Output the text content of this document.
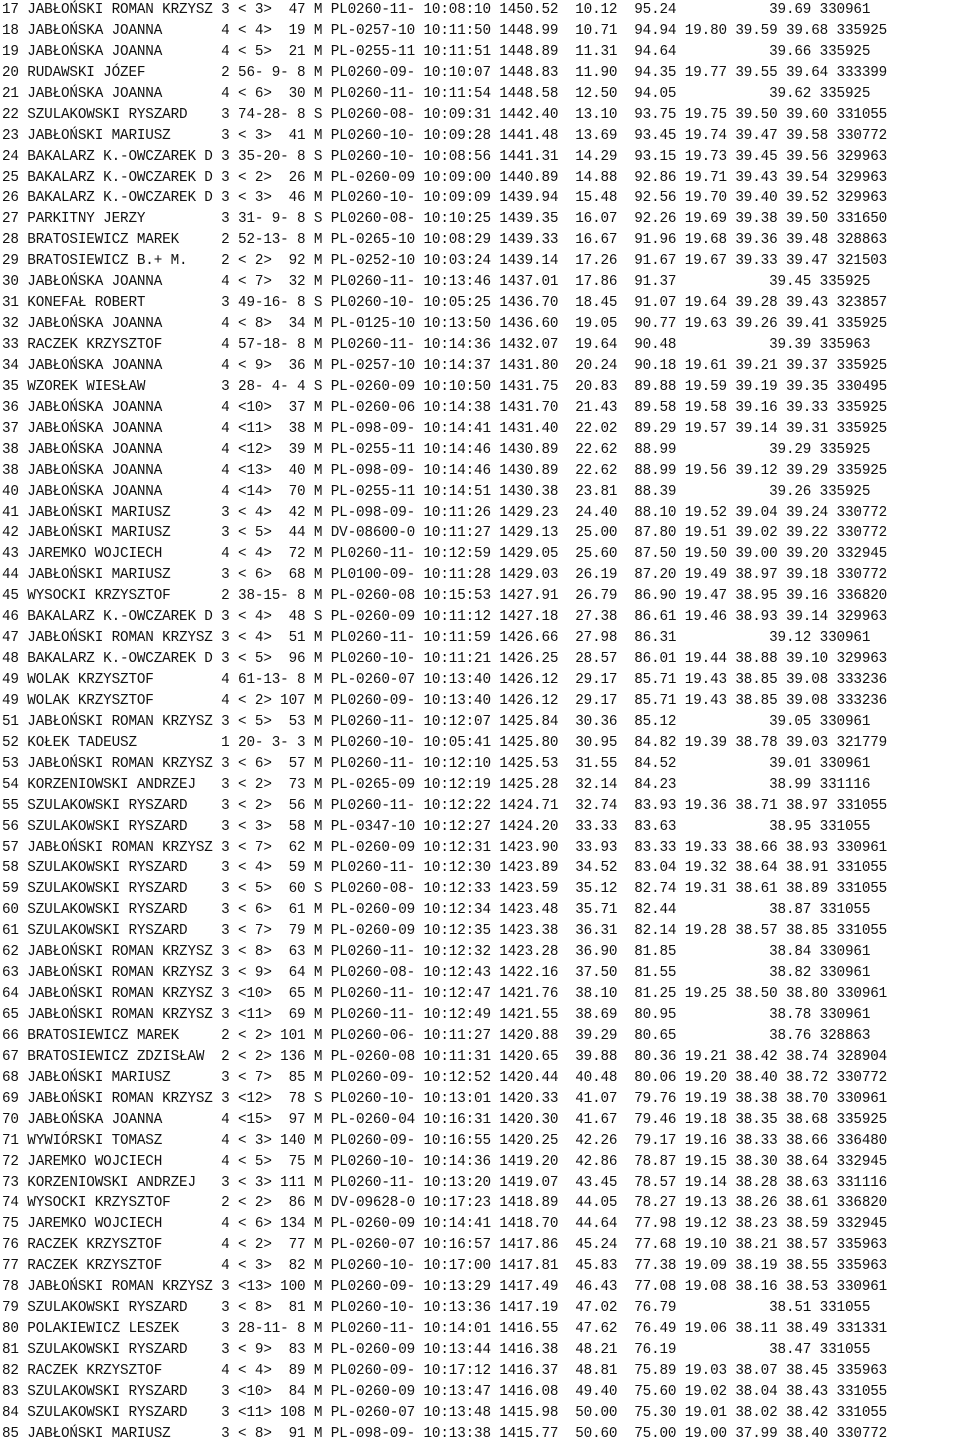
17 JABŁOŃSKI ROMAN KRZYSZ 3 < 3>  47 M PL0260-11- 10:08:10 1450.52  10.12  95.24           39.69 330961
18 JABŁOŃSKA JOANNA       4 < 4>  19 M PL-0257-10 10:11:50 1448.99  10.71  94.94 19.80 39.59 39.68 335925
19 JABŁOŃSKA JOANNA       4 < 5>  21 M PL-0255-11 10:11:51 1448.89  11.31  94.64           39.66 335925
20 RUDAWSKI JÓZEF         2 56- 9- 8 M PL0260-09- 10:10:07 1448.83  11.90  94.35 19.77 39.55 39.64 333399
21 JABŁOŃSKA JOANNA       4 < 6>  30 M PL0260-11- 10:11:54 1448.58  12.50  94.05           39.62 335925
22 SZULAKOWSKI RYSZARD    3 74-28- 8 S PL0260-08- 10:09:31 1442.40  13.10  93.75 19.75 39.50 39.60 331055
23 JABŁOŃSKI MARIUSZ      3 < 3>  41 M PL0260-10- 10:09:28 1441.48  13.69  93.45 19.74 39.47 39.58 330772
24 BAKALARZ K.-OWCZAREK D 3 35-20- 8 S PL0260-10- 10:08:56 1441.31  14.29  93.15 19.73 39.45 39.56 329963
25 BAKALARZ K.-OWCZAREK D 3 < 2>  26 M PL-0260-09 10:09:00 1440.89  14.88  92.86 19.71 39.43 39.54 329963
26 BAKALARZ K.-OWCZAREK D 3 < 3>  46 M PL0260-10- 10:09:09 1439.94  15.48  92.56 19.70 39.40 39.52 329963
27 PARKITNY JERZY         3 31- 9- 8 S PL0260-08- 10:10:25 1439.35  16.07  92.26 19.69 39.38 39.50 331650
28 BRATOSIEWICZ MAREK     2 52-13- 8 M PL-0265-10 10:08:29 1439.33  16.67  91.96 19.68 39.36 39.48 328863
29 BRATOSIEWICZ B.+ M.    2 < 2>  92 M PL-0252-10 10:03:24 1439.14  17.26  91.67 19.67 39.33 39.47 321503
30 JABŁOŃSKA JOANNA       4 < 7>  32 M PL0260-11- 10:13:46 1437.01  17.86  91.37           39.45 335925
31 KONEFAŁ ROBERT         3 49-16- 8 S PL0260-10- 10:05:25 1436.70  18.45  91.07 19.64 39.28 39.43 323857
32 JABŁOŃSKA JOANNA       4 < 8>  34 M PL-0125-10 10:13:50 1436.60  19.05  90.77 19.63 39.26 39.41 335925
33 RACZEK KRZYSZTOF       4 57-18- 8 M PL0260-11- 10:14:36 1432.07  19.64  90.48           39.39 335963
34 JABŁOŃSKA JOANNA       4 < 9>  36 M PL-0257-10 10:14:37 1431.80  20.24  90.18 19.61 39.21 39.37 335925
35 WZOREK WIESŁAW         3 28- 4- 4 S PL-0260-09 10:10:50 1431.75  20.83  89.88 19.59 39.19 39.35 330495
36 JABŁOŃSKA JOANNA       4 <10>  37 M PL-0260-06 10:14:38 1431.70  21.43  89.58 19.58 39.16 39.33 335925
37 JABŁOŃSKA JOANNA       4 <11>  38 M PL-098-09- 10:14:41 1431.40  22.02  89.29 19.57 39.14 39.31 335925
38 JABŁOŃSKA JOANNA       4 <12>  39 M PL-0255-11 10:14:46 1430.89  22.62  88.99           39.29 335925
38 JABŁOŃSKA JOANNA       4 <13>  40 M PL-098-09- 10:14:46 1430.89  22.62  88.99 19.56 39.12 39.29 335925
40 JABŁOŃSKA JOANNA       4 <14>  70 M PL-0255-11 10:14:51 1430.38  23.81  88.39           39.26 335925
41 JABŁOŃSKI MARIUSZ      3 < 4>  42 M PL-098-09- 10:11:26 1429.23  24.40  88.10 19.52 39.04 39.24 330772
42 JABŁOŃSKI MARIUSZ      3 < 5>  44 M DV-08600-0 10:11:27 1429.13  25.00  87.80 19.51 39.02 39.22 330772
43 JAREMKO WOJCIECH       4 < 4>  72 M PL0260-11- 10:12:59 1429.05  25.60  87.50 19.50 39.00 39.20 332945
44 JABŁOŃSKI MARIUSZ      3 < 6>  68 M PL0100-09- 10:11:28 1429.03  26.19  87.20 19.49 38.97 39.18 330772
45 WYSOCKI KRZYSZTOF      2 38-15- 8 M PL-0260-08 10:15:53 1427.91  26.79  86.90 19.47 38.95 39.16 336820
46 BAKALARZ K.-OWCZAREK D 3 < 4>  48 S PL-0260-09 10:11:12 1427.18  27.38  86.61 19.46 38.93 39.14 329963
47 JABŁOŃSKI ROMAN KRZYSZ 3 < 4>  51 M PL0260-11- 10:11:59 1426.66  27.98  86.31           39.12 330961
48 BAKALARZ K.-OWCZAREK D 3 < 5>  96 M PL0260-10- 10:11:21 1426.25  28.57  86.01 19.44 38.88 39.10 329963
49 WOLAK KRZYSZTOF        4 61-13- 8 M PL-0260-07 10:13:40 1426.12  29.17  85.71 19.43 38.85 39.08 333236
49 WOLAK KRZYSZTOF        4 < 2> 107 M PL0260-09- 10:13:40 1426.12  29.17  85.71 19.43 38.85 39.08 333236
51 JABŁOŃSKI ROMAN KRZYSZ 3 < 5>  53 M PL0260-11- 10:12:07 1425.84  30.36  85.12           39.05 330961
52 KOŁEK TADEUSZ          1 20- 3- 3 M PL0260-10- 10:05:41 1425.80  30.95  84.82 19.39 38.78 39.03 321779
53 JABŁOŃSKI ROMAN KRZYSZ 3 < 6>  57 M PL0260-11- 10:12:10 1425.53  31.55  84.52           39.01 330961
54 KORZENIOWSKI ANDRZEJ   3 < 2>  73 M PL-0265-09 10:12:19 1425.28  32.14  84.23           38.99 331116
55 SZULAKOWSKI RYSZARD    3 < 2>  56 M PL0260-11- 10:12:22 1424.71  32.74  83.93 19.36 38.71 38.97 331055
56 SZULAKOWSKI RYSZARD    3 < 3>  58 M PL-0347-10 10:12:27 1424.20  33.33  83.63           38.95 331055
57 JABŁOŃSKI ROMAN KRZYSZ 3 < 7>  62 M PL-0260-09 10:12:31 1423.90  33.93  83.33 19.33 38.66 38.93 330961
58 SZULAKOWSKI RYSZARD    3 < 4>  59 M PL0260-11- 10:12:30 1423.89  34.52  83.04 19.32 38.64 38.91 331055
59 SZULAKOWSKI RYSZARD    3 < 5>  60 S PL0260-08- 10:12:33 1423.59  35.12  82.74 19.31 38.61 38.89 331055
60 SZULAKOWSKI RYSZARD    3 < 6>  61 M PL-0260-09 10:12:34 1423.48  35.71  82.44           38.87 331055
61 SZULAKOWSKI RYSZARD    3 < 7>  79 M PL-0260-09 10:12:35 1423.38  36.31  82.14 19.28 38.57 38.85 331055
62 JABŁOŃSKI ROMAN KRZYSZ 3 < 8>  63 M PL0260-11- 10:12:32 1423.28  36.90  81.85           38.84 330961
63 JABŁOŃSKI ROMAN KRZYSZ 3 < 9>  64 M PL0260-08- 10:12:43 1422.16  37.50  81.55           38.82 330961
64 JABŁOŃSKI ROMAN KRZYSZ 3 <10>  65 M PL0260-11- 10:12:47 1421.76  38.10  81.25 19.25 38.50 38.80 330961
65 JABŁOŃSKI ROMAN KRZYSZ 3 <11>  69 M PL0260-11- 10:12:49 1421.55  38.69  80.95           38.78 330961
66 BRATOSIEWICZ MAREK     2 < 2> 101 M PL0260-06- 10:11:27 1420.88  39.29  80.65           38.76 328863
67 BRATOSIEWICZ ZDZISŁAW  2 < 2> 136 M PL-0260-08 10:11:31 1420.65  39.88  80.36 19.21 38.42 38.74 328904
68 JABŁOŃSKI MARIUSZ      3 < 7>  85 M PL0260-09- 10:12:52 1420.44  40.48  80.06 19.20 38.40 38.72 330772
69 JABŁOŃSKI ROMAN KRZYSZ 3 <12>  78 S PL0260-10- 10:13:01 1420.33  41.07  79.76 19.19 38.38 38.70 330961
70 JABŁOŃSKA JOANNA       4 <15>  97 M PL-0260-04 10:16:31 1420.30  41.67  79.46 19.18 38.35 38.68 335925
71 WYWIÓRSKI TOMASZ       4 < 3> 140 M PL0260-09- 10:16:55 1420.25  42.26  79.17 19.16 38.33 38.66 336480
72 JAREMKO WOJCIECH       4 < 5>  75 M PL0260-10- 10:14:36 1419.20  42.86  78.87 19.15 38.30 38.64 332945
73 KORZENIOWSKI ANDRZEJ   3 < 3> 111 M PL0260-11- 10:13:20 1419.07  43.45  78.57 19.14 38.28 38.63 331116
74 WYSOCKI KRZYSZTOF      2 < 2>  86 M DV-09628-0 10:17:23 1418.89  44.05  78.27 19.13 38.26 38.61 336820
75 JAREMKO WOJCIECH       4 < 6> 134 M PL-0260-09 10:14:41 1418.70  44.64  77.98 19.12 38.23 38.59 332945
76 RACZEK KRZYSZTOF       4 < 2>  77 M PL-0260-07 10:16:57 1417.86  45.24  77.68 19.10 38.21 38.57 335963
77 RACZEK KRZYSZTOF       4 < 3>  82 M PL0260-10- 10:17:00 1417.81  45.83  77.38 19.09 38.19 38.55 335963
78 JABŁOŃSKI ROMAN KRZYSZ 3 <13> 100 M PL0260-09- 10:13:29 1417.49  46.43  77.08 19.08 38.16 38.53 330961
79 SZULAKOWSKI RYSZARD    3 < 8>  81 M PL0260-10- 10:13:36 1417.19  47.02  76.79           38.51 331055
80 POLAKIEWICZ LESZEK     3 28-11- 8 M PL0260-11- 10:14:01 1416.55  47.62  76.49 19.06 38.11 38.49 331331
81 SZULAKOWSKI RYSZARD    3 < 9>  83 M PL-0260-09 10:13:44 1416.38  48.21  76.19           38.47 331055
82 RACZEK KRZYSZTOF       4 < 4>  89 M PL0260-09- 10:17:12 1416.37  48.81  75.89 19.03 38.07 38.45 335963
83 SZULAKOWSKI RYSZARD    3 <10>  84 M PL-0260-09 10:13:47 1416.08  49.40  75.60 19.02 38.04 38.43 331055
84 SZULAKOWSKI RYSZARD    3 <11> 108 M PL-0260-07 10:13:48 1415.98  50.00  75.30 19.01 38.02 38.42 331055
85 JABŁOŃSKI MARIUSZ      3 < 8>  91 M PL-098-09- 10:13:38 1415.77  50.60  75.00 19.00 37.99 38.40 330772
